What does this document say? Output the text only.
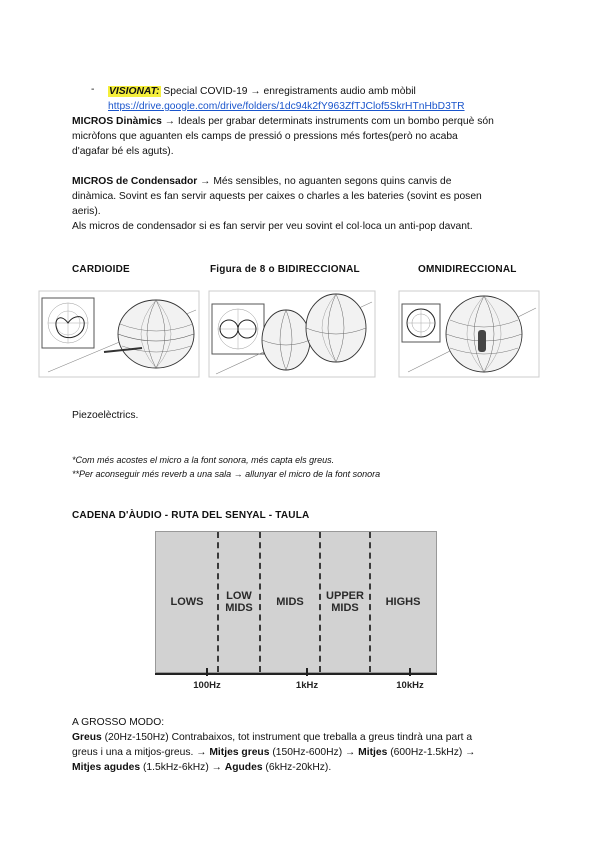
- VISIONAT: Special COVID-19 → enregistraments audio amb mòbil

https://drive.google.com/drive/folders/1dc94k2fY963ZfTJClof5SkrHTnHbD3TR

MICROS Dinàmics → Ideals per grabar determinats instruments com un bombo perquè són

micròfons que aguanten els camps de pressió o pressions més fortes(però no acaba

d'agafar bé els aguts).

MICROS de Condensador → Més sensibles, no aguanten segons quins canvis de

dinàmica. Sovint es fan servir aquests per caixes o charles a les bateries (sovint es posen

aeris).

Als micros de condensador si es fan servir per veu sovint el col·loca un anti-pop davant.

CARDIOIDE	Figura de 8 o BIDIRECCIONAL	OMNIDIRECCIONAL

Piezoelèctrics.

*Com més acostes el micro a la font sonora, més capta els greus.

**Per aconseguir més reverb a una sala → allunyar el micro de la font sonora

CADENA D'ÀUDIO - RUTA DEL SENYAL - TAULA
LOWS	LOW MIDS	MIDS	UPPER MIDS	HIGHS
100Hz	1kHz	10kHz

A GROSSO MODO:

Greus (20Hz-150Hz) Contrabaixos, tot instrument que treballa a greus tindrà una part a

greus i una a mitjos-greus. → Mitjes greus (150Hz-600Hz) → Mitjes (600Hz-1.5kHz) →

Mitjes agudes (1.5kHz-6kHz) → Agudes (6kHz-20kHz).
